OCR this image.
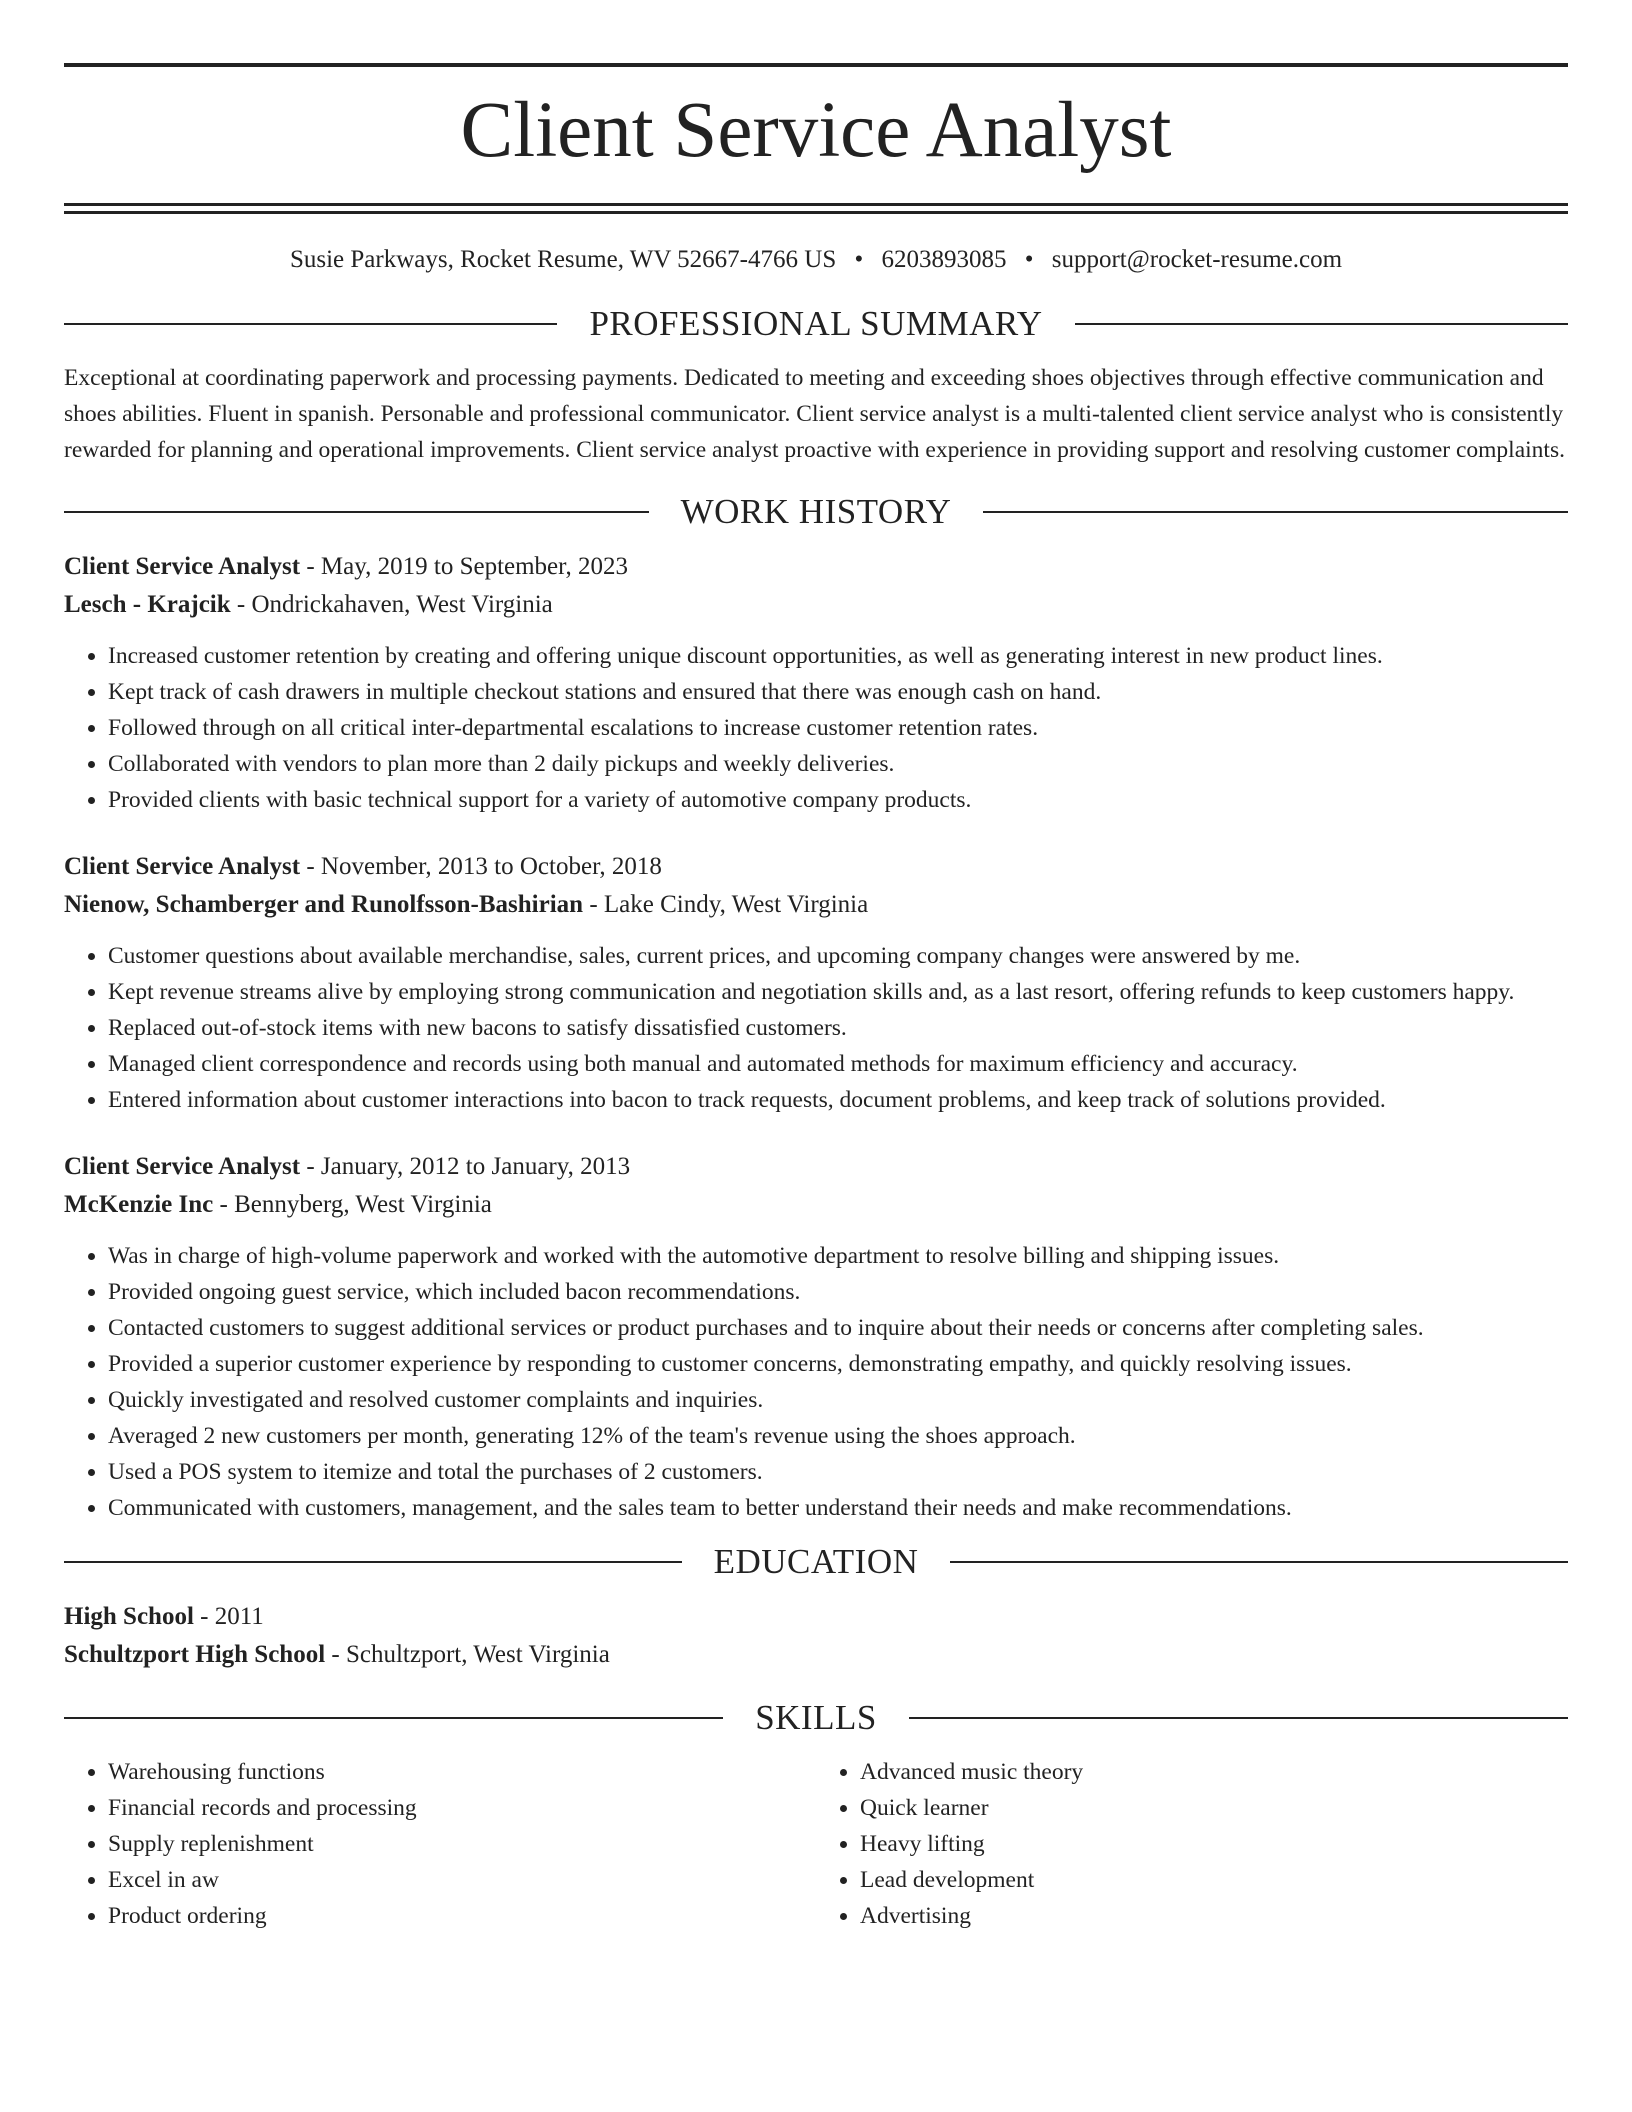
Client Service Analyst
Susie Parkways, Rocket Resume, WV 52667-4766 US • 6203893085 • support@rocket-resume.com
PROFESSIONAL SUMMARY

Exceptional at coordinating paperwork and processing payments. Dedicated to meeting and exceeding shoes objectives through effective communication and shoes abilities. Fluent in spanish. Personable and professional communicator. Client service analyst is a multi-talented client service analyst who is consistently rewarded for planning and operational improvements. Client service analyst proactive with experience in providing support and resolving customer complaints.

WORK HISTORY
Client Service Analyst - May, 2019 to September, 2023
Lesch - Krajcik - Ondrickahaven, West Virginia
• Increased customer retention by creating and offering unique discount opportunities, as well as generating interest in new product lines.
• Kept track of cash drawers in multiple checkout stations and ensured that there was enough cash on hand.
• Followed through on all critical inter-departmental escalations to increase customer retention rates.
• Collaborated with vendors to plan more than 2 daily pickups and weekly deliveries.
• Provided clients with basic technical support for a variety of automotive company products.
Client Service Analyst - November, 2013 to October, 2018
Nienow, Schamberger and Runolfsson-Bashirian - Lake Cindy, West Virginia
• Customer questions about available merchandise, sales, current prices, and upcoming company changes were answered by me.
• Kept revenue streams alive by employing strong communication and negotiation skills and, as a last resort, offering refunds to keep customers happy.
• Replaced out-of-stock items with new bacons to satisfy dissatisfied customers.
• Managed client correspondence and records using both manual and automated methods for maximum efficiency and accuracy.
• Entered information about customer interactions into bacon to track requests, document problems, and keep track of solutions provided.
Client Service Analyst - January, 2012 to January, 2013
McKenzie Inc - Bennyberg, West Virginia
• Was in charge of high-volume paperwork and worked with the automotive department to resolve billing and shipping issues.
• Provided ongoing guest service, which included bacon recommendations.
• Contacted customers to suggest additional services or product purchases and to inquire about their needs or concerns after completing sales.
• Provided a superior customer experience by responding to customer concerns, demonstrating empathy, and quickly resolving issues.
• Quickly investigated and resolved customer complaints and inquiries.
• Averaged 2 new customers per month, generating 12% of the team's revenue using the shoes approach.
• Used a POS system to itemize and total the purchases of 2 customers.
• Communicated with customers, management, and the sales team to better understand their needs and make recommendations.
EDUCATION
High School - 2011
Schultzport High School - Schultzport, West Virginia
SKILLS
• Warehousing functions
• Financial records and processing
• Supply replenishment
• Excel in aw
• Product ordering
• Advanced music theory
• Quick learner
• Heavy lifting
• Lead development
• Advertising
